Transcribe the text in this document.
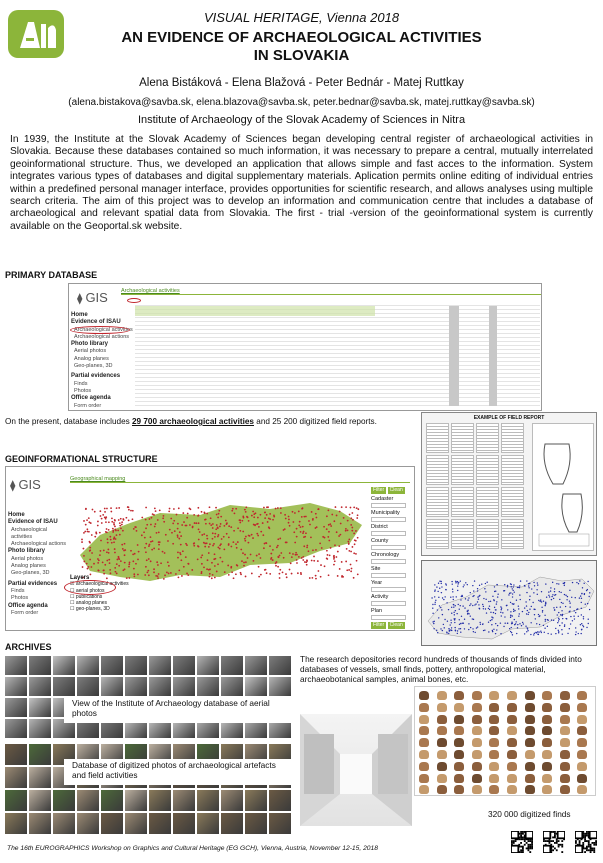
VISUAL HERITAGE, Vienna 2018
AN EVIDENCE OF ARCHAEOLOGICAL ACTIVITIES
IN SLOVAKIA
Alena Bistáková - Elena Blažová - Peter Bednár - Matej Ruttkay
(alena.bistakova@savba.sk, elena.blazova@savba.sk, peter.bednar@savba.sk, matej.ruttkay@savba.sk)
Institute of Archaeology of the Slovak Academy of Sciences in Nitra
In 1939, the Institute at the Slovak Academy of Sciences began developing central register of archaeological activities in Slovakia. Because these databases contained so much information, it was necessary to prepare a central, mutually interrelated geoinformational structure. Thus, we developed an application that allows simple and fast acces to the information. System integrates various types of databases and digital supplementary materials. Aplication permits online editing of individual entries within a predefined personal manager interface, provides opportunities for scientific research, and allows analyses using multiple search criteria. The aim of this project was to develop an information and communication centre that includes a database of archaeological and relevant spatial data from Slovakia. The first - trial -version of the geoinformational system is currently available on the Geoportal.sk website.
PRIMARY DATABASE
⧫ GIS Archaeological activities
Home
Evidence of ISAU
Archaeological activities
Archaeological actions
Photo library
Aerial photos
Analog planes
Geo-planes, 3D
Partial evidences
Finds
Photos
Office agenda
Form order
On the present, database includes 29 700 archaeological activities and 25 200 digitized field reports.	EXAMPLE OF FIELD REPORT
GEOINFORMATIONAL STRUCTURE
⧫ GIS	Geographical mapping
Home
Evidence of ISAU
Archaeological activities
Archaeological actions
Photo library
Aerial photos
Analog planes
Geo-planes, 3D
Partial evidences
Finds
Photos
Office agenda
Form order
Layers
☑ archaeological activities
☐ aerial photos
☐ publications
☐ analog planes
☐ geo-planes, 3D
Filter Clean
Cadaster
Municipality
District
County
Chronology
Site
Year
Activity
Plan
Filter Clean
ARCHIVES
View of the Institute of Archaeology database of aerial photos
Database of digitized photos of archaeological artefacts and field activities
The research depositories record hundreds of thousands of finds divided into databases of vessels, small finds, pottery, anthropological material, archaeobotanical samples, animal bones, etc.
320 000 digitized finds
The 16th EUROGRAPHICS Workshop on Graphics and Cultural Heritage (EG GCH), Vienna, Austria, November 12-15, 2018
